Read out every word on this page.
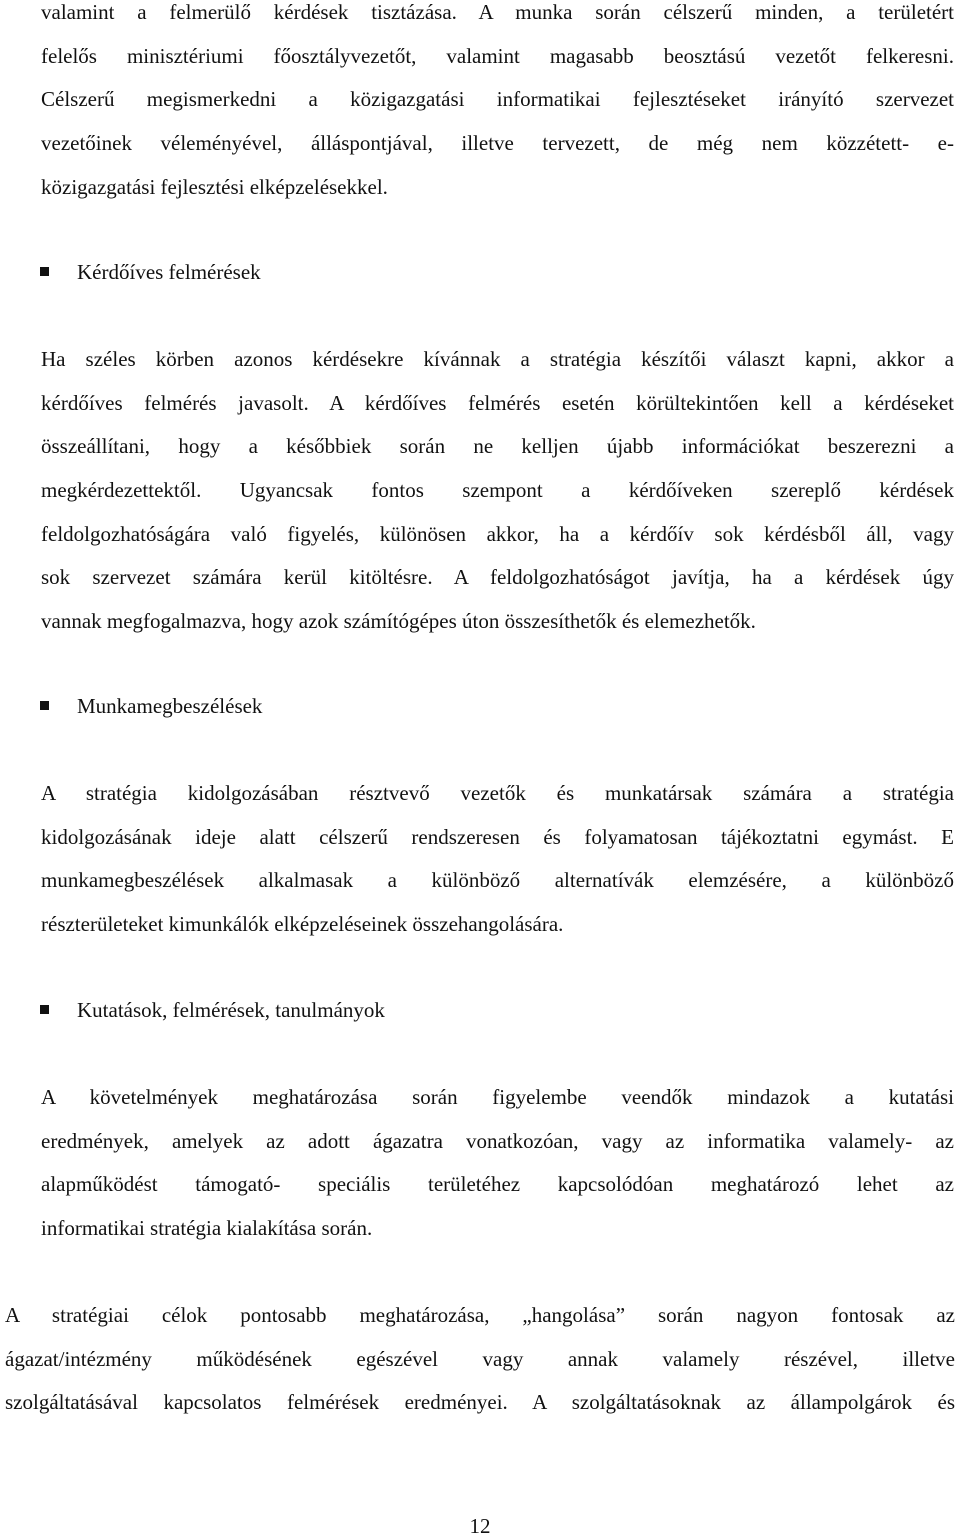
valamint a felmerülő kérdések tisztázása. A munka során célszerű minden, a területért
felelős minisztériumi főosztályvezetőt, valamint magasabb beosztású vezetőt felkeresni.
Célszerű megismerkedni a közigazgatási informatikai fejlesztéseket irányító szervezet
vezetőinek véleményével, álláspontjával, illetve tervezett, de még nem közzétett- e-
közigazgatási fejlesztési elképzelésekkel.
Kérdőíves felmérések
Ha széles körben azonos kérdésekre kívánnak a stratégia készítői választ kapni, akkor a
kérdőíves felmérés javasolt. A kérdőíves felmérés esetén körültekintően kell a kérdéseket
összeállítani, hogy a későbbiek során ne kelljen újabb információkat beszerezni a
megkérdezettektől. Ugyancsak fontos szempont a kérdőíveken szereplő kérdések
feldolgozhatóságára való figyelés, különösen akkor, ha a kérdőív sok kérdésből áll, vagy
sok szervezet számára kerül kitöltésre. A feldolgozhatóságot javítja, ha a kérdések úgy
vannak megfogalmazva, hogy azok számítógépes úton összesíthetők és elemezhetők.
Munkamegbeszélések
A stratégia kidolgozásában résztvevő vezetők és munkatársak számára a stratégia
kidolgozásának ideje alatt célszerű rendszeresen és folyamatosan tájékoztatni egymást. E
munkamegbeszélések alkalmasak a különböző alternatívák elemzésére, a különböző
részterületeket kimunkálók elképzeléseinek összehangolására.
Kutatások, felmérések, tanulmányok
A követelmények meghatározása során figyelembe veendők mindazok a kutatási
eredmények, amelyek az adott ágazatra vonatkozóan, vagy az informatika valamely- az
alapműködést támogató- speciális területéhez kapcsolódóan meghatározó lehet az
informatikai stratégia kialakítása során.
A stratégiai célok pontosabb meghatározása, „hangolása” során nagyon fontosak az
ágazat/intézmény működésének egészével vagy annak valamely részével, illetve
szolgáltatásával kapcsolatos felmérések eredményei. A szolgáltatásoknak az állampolgárok és
12
